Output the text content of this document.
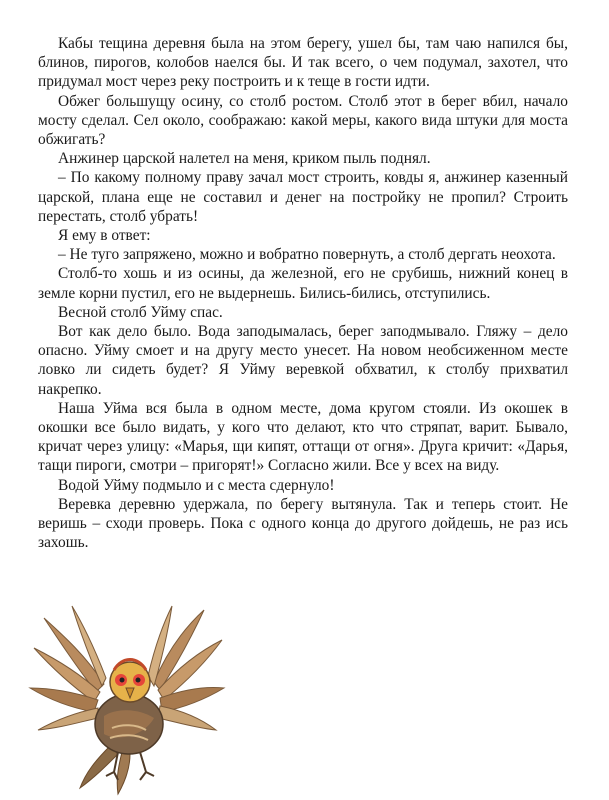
Кабы тещина деревня была на этом берегу, ушел бы, там чаю напился бы, блинов, пирогов, колобов наелся бы. И так всего, о чем подумал, захотел, что придумал мост через реку построить и к теще в гости идти.

Обжег большущу осину, со столб ростом. Столб этот в берег вбил, начало мосту сделал. Сел около, соображаю: какой меры, какого вида штуки для моста обжигать?

Анжинер царской налетел на меня, криком пыль поднял.

– По какому полному праву зачал мост строить, ковды я, анжинер казенный царской, плана еще не составил и денег на постройку не пропил? Строить перестать, столб убрать!

Я ему в ответ:

– Не туго запряжено, можно и вобратно повернуть, а столб дергать неохота.

Столб-то хошь и из осины, да железной, его не срубишь, нижний конец в земле корни пустил, его не выдернешь. Бились-бились, отступились.

Весной столб Уйму спас.

Вот как дело было. Вода заподымалась, берег заподмывало. Гляжу – дело опасно. Уйму смоет и на другу место унесет. На новом необсиженном месте ловко ли сидеть будет? Я Уйму веревкой обхватил, к столбу прихватил накрепко.

Наша Уйма вся была в одном месте, дома кругом стояли. Из окошек в окошки все было видать, у кого что делают, кто что стряпат, варит. Бывало, кричат через улицу: «Марья, щи кипят, оттащи от огня». Друга кричит: «Дарья, тащи пироги, смотри – пригорят!» Согласно жили. Все у всех на виду.

Водой Уйму подмыло и с места сдернуло!

Веревка деревню удержала, по берегу вытянула. Так и теперь стоит. Не веришь – сходи проверь. Пока с одного конца до другого дойдешь, не раз ись захошь.
